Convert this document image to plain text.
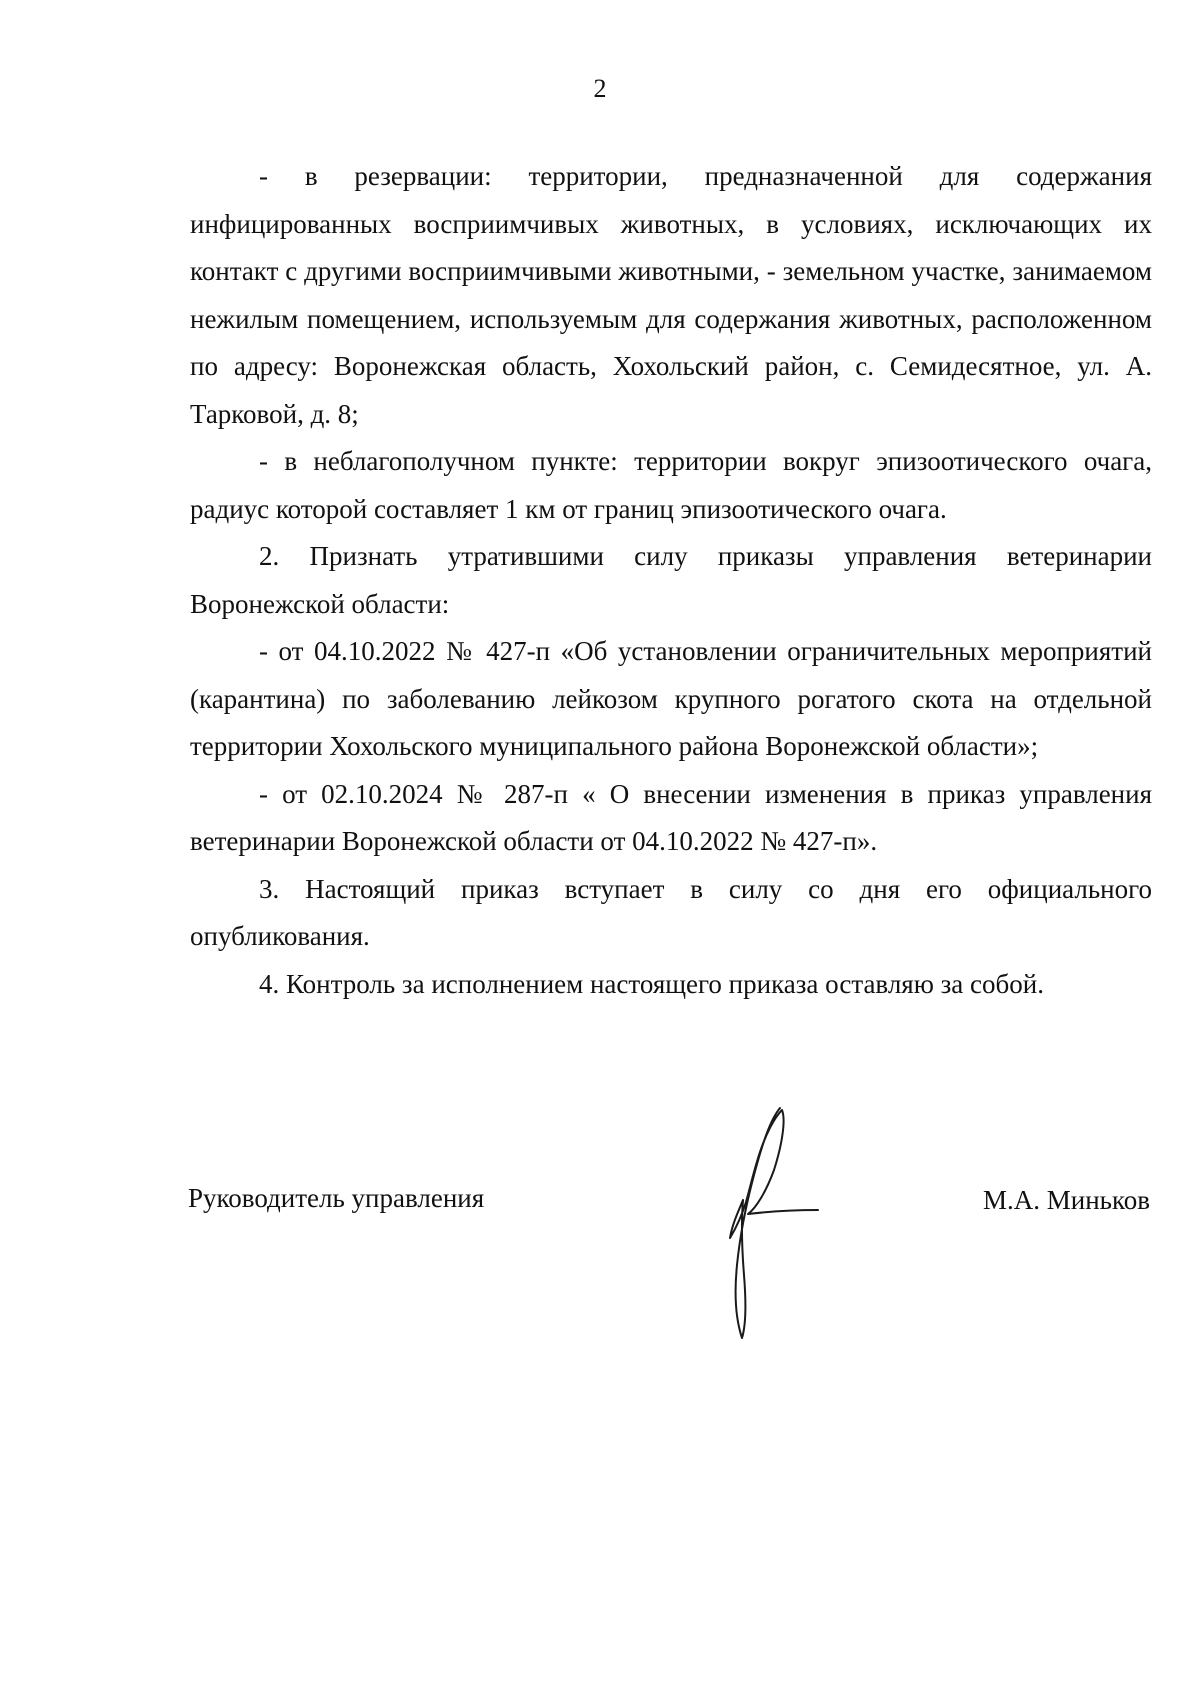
2

- в резервации: территории, предназначенной для содержания инфицированных восприимчивых животных, в условиях, исключающих их контакт с другими восприимчивыми животными, - земельном участке, занимаемом нежилым помещением, используемым для содержания животных, расположенном по адресу: Воронежская область, Хохольский район, с. Семидесятное, ул. А. Тарковой, д. 8;

- в неблагополучном пункте: территории вокруг эпизоотического очага, радиус которой составляет 1 км от границ эпизоотического очага.

2. Признать утратившими силу приказы управления ветеринарии Воронежской области:

- от 04.10.2022 № 427-п «Об установлении ограничительных мероприятий (карантина) по заболеванию лейкозом крупного рогатого скота на отдельной территории Хохольского муниципального района Воронежской области»;

- от 02.10.2024 № 287-п « О внесении изменения в приказ управления ветеринарии Воронежской области от 04.10.2022 № 427-п».

3. Настоящий приказ вступает в силу со дня его официального опубликования.

4. Контроль за исполнением настоящего приказа оставляю за собой.

Руководитель управления	М.А. Миньков
